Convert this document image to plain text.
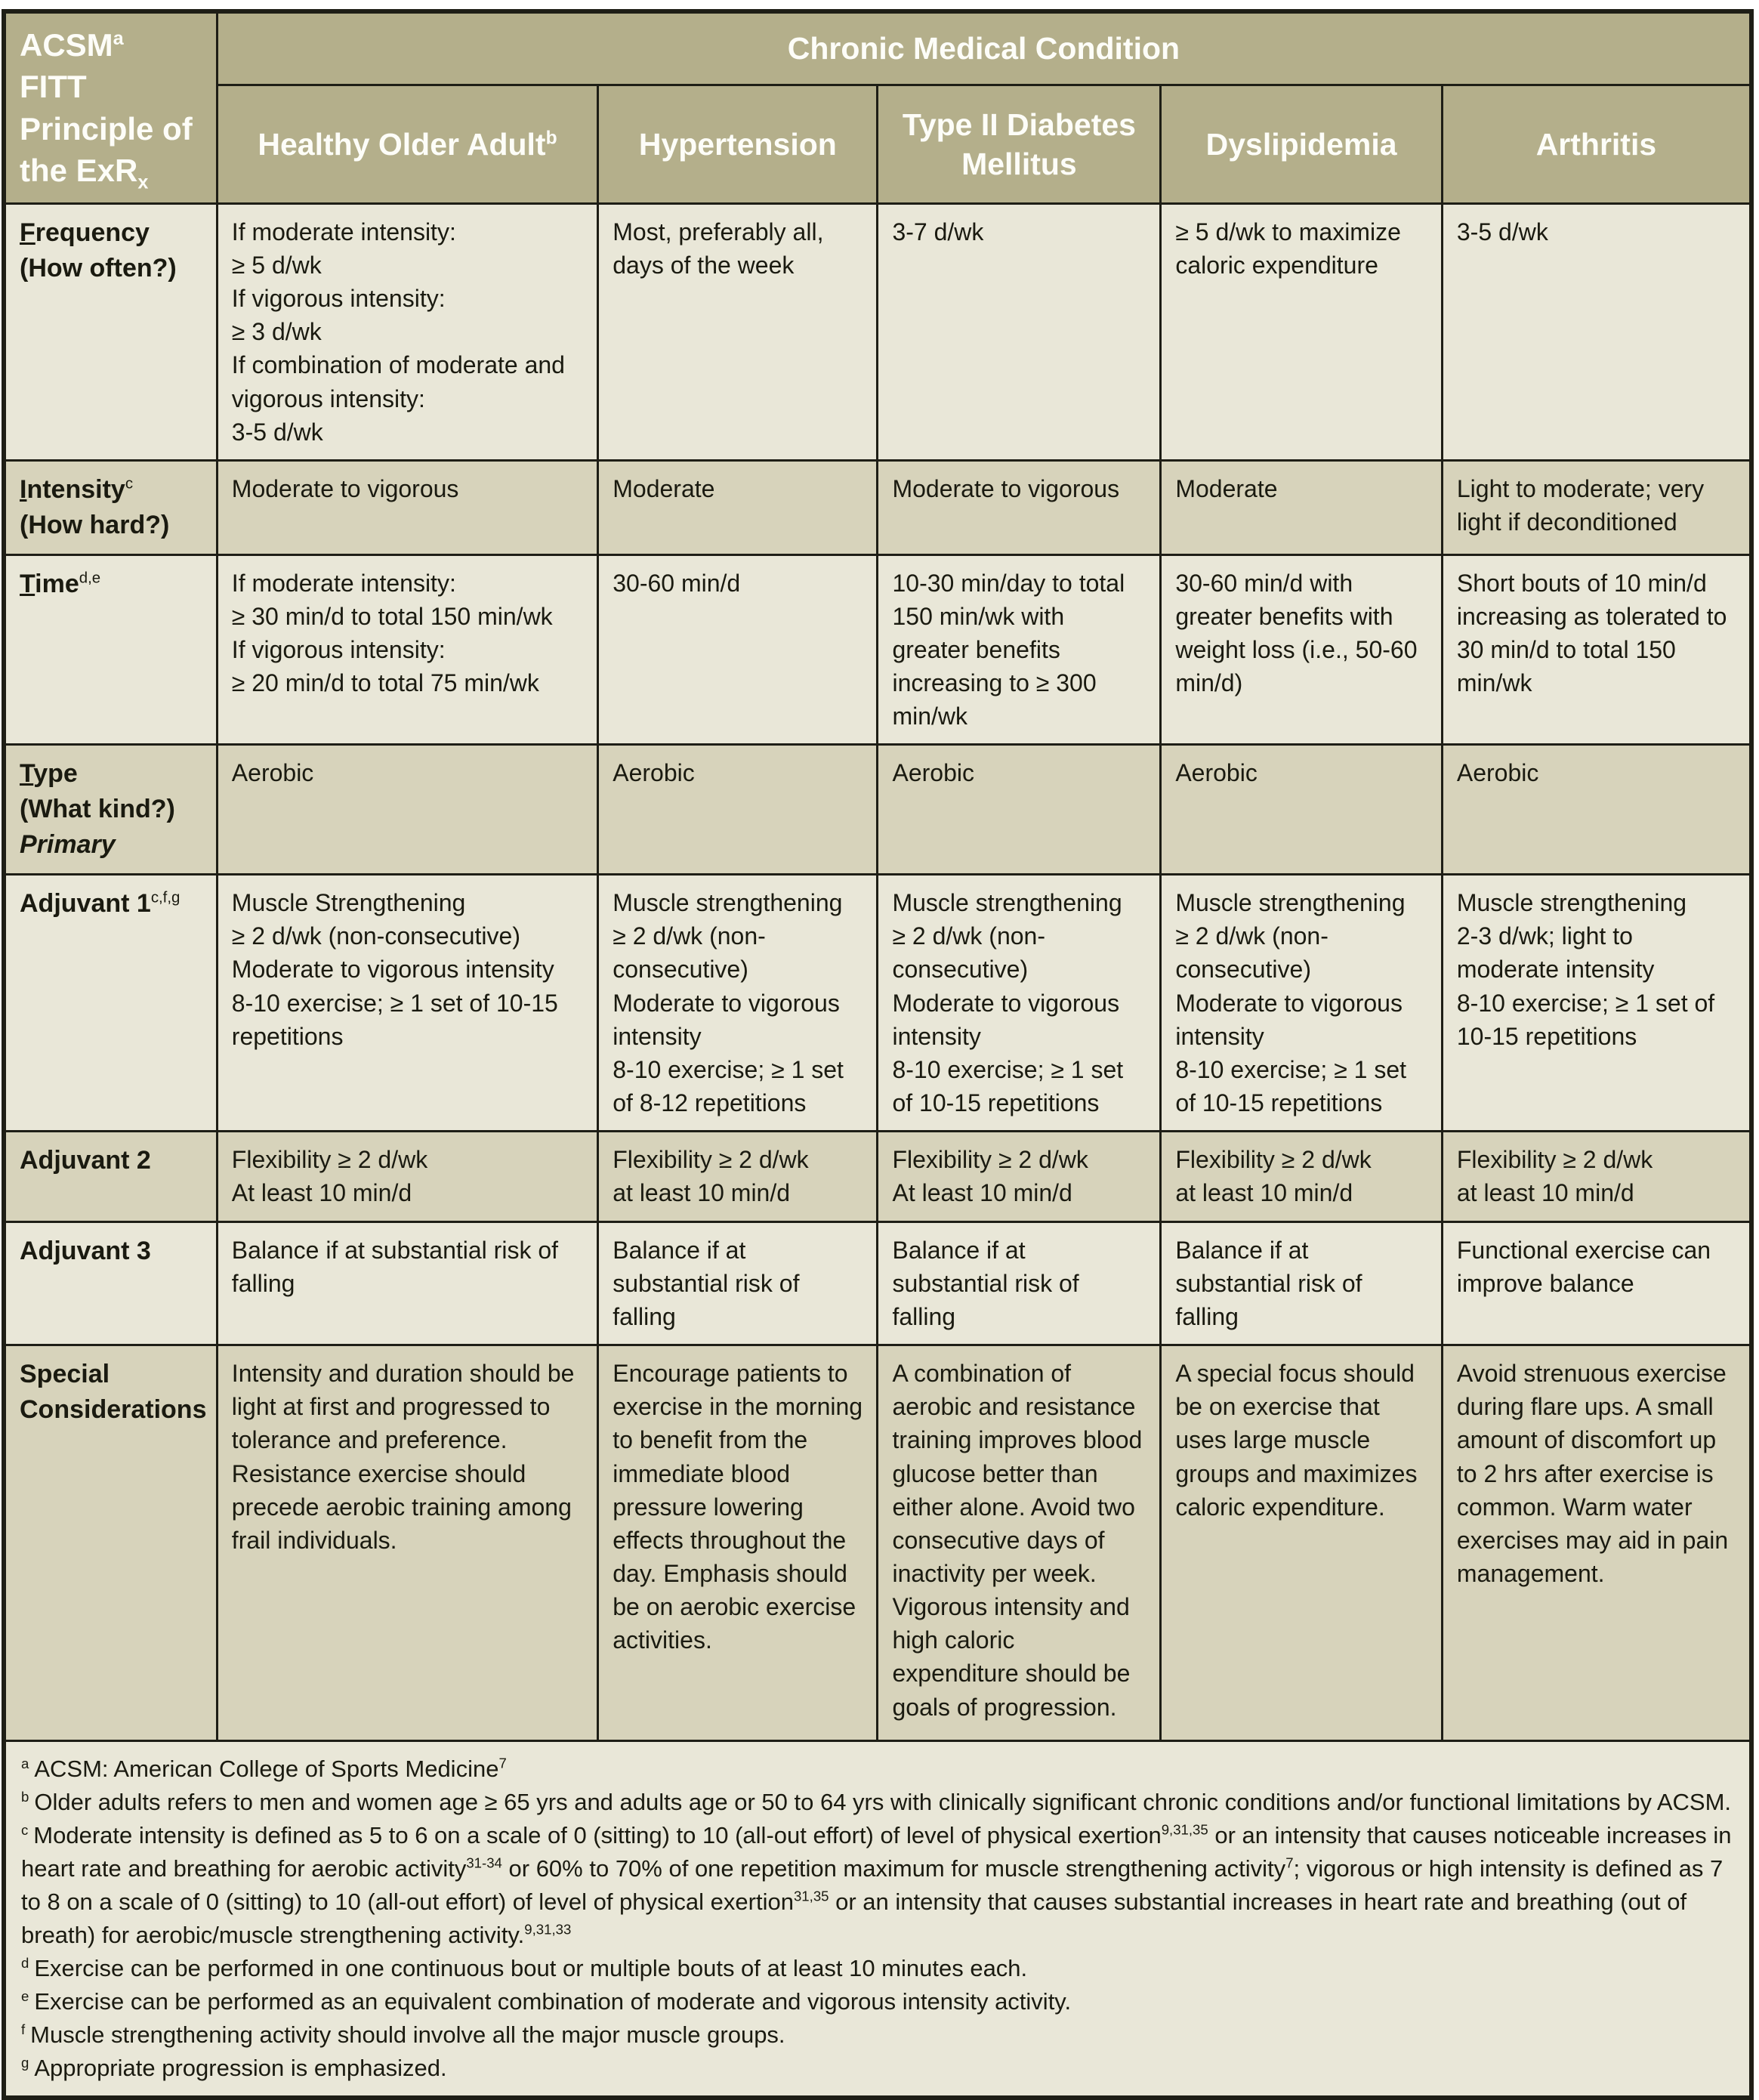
ACSM$^a$  FITT
Principle of
the ExR$_x$	Chronic Medical Condition				
	Healthy Older Adult$^b$	Hypertension	Type II Diabetes Mellitus	Dyslipidemia	Arthritis
Frequency
(How often?)	If moderate intensity:
≥ 5 d/wk
If vigorous intensity:
≥ 3 d/wk
If combination of moderate and vigorous intensity:
3-5 d/wk	Most, preferably all, days of the week	3-7 d/wk	≥ 5 d/wk to maximize caloric expenditure	3-5 d/wk
Intensity$^c$
(How hard?)	Moderate to vigorous	Moderate	Moderate to vigorous	Moderate	Light to moderate; very light if deconditioned
Time$^{d,e}$	If moderate intensity:
≥ 30 min/d to total 150 min/wk
If vigorous intensity:
≥ 20 min/d to total 75 min/wk	30-60 min/d	10-30 min/day to total 150 min/wk with greater benefits increasing to ≥ 300 min/wk	30-60 min/d with greater benefits with weight loss (i.e., 50-60 min/d)	Short bouts of 10 min/d increasing as tolerated to 30 min/d to total 150 min/wk
Type
(What kind?)
Primary	Aerobic	Aerobic	Aerobic	Aerobic	Aerobic
Adjuvant 1$^{c,f,g}$	Muscle Strengthening
≥ 2 d/wk (non-consecutive)
Moderate to vigorous intensity
8-10 exercise; ≥ 1 set of 10-15 repetitions	Muscle strengthening
≥ 2 d/wk (non-consecutive)
Moderate to vigorous intensity
8-10 exercise; ≥ 1 set of 8-12 repetitions	Muscle strengthening
≥ 2 d/wk (non-consecutive)
Moderate to vigorous intensity
8-10 exercise; ≥ 1 set of 10-15 repetitions	Muscle strengthening
≥ 2 d/wk (non-consecutive)
Moderate to vigorous intensity
8-10 exercise; ≥ 1 set of 10-15 repetitions	Muscle strengthening
2-3 d/wk; light to moderate intensity
8-10 exercise; ≥ 1 set of 10-15 repetitions
Adjuvant 2	Flexibility ≥ 2 d/wk
At least 10 min/d	Flexibility ≥ 2 d/wk
at least 10 min/d	Flexibility ≥ 2 d/wk
At least 10 min/d	Flexibility ≥ 2 d/wk
at least 10 min/d	Flexibility ≥ 2 d/wk
at least 10 min/d
Adjuvant 3	Balance if at substantial risk of falling	Balance if at substantial risk of falling	Balance if at substantial risk of falling	Balance if at substantial risk of falling	Functional exercise can improve balance
Special
Considerations	Intensity and duration should be light at first and progressed to tolerance and preference. Resistance exercise should precede aerobic training among frail individuals.	Encourage patients to exercise in the morning to benefit from the immediate blood pressure lowering effects throughout the day. Emphasis should be on aerobic exercise activities.	A combination of aerobic and resistance training improves blood glucose better than either alone. Avoid two consecutive days of inactivity per week. Vigorous intensity and high caloric expenditure should be goals of progression.	A special focus should be on exercise that uses large muscle groups and maximizes caloric expenditure.	Avoid strenuous exercise during flare ups. A small amount of discomfort up to 2 hrs after exercise is common. Warm water exercises may aid in pain management.

$^a$ ACSM: American College of Sports Medicine$^7$
$^b$ Older adults refers to men and women age ≥ 65 yrs and adults age or 50 to 64 yrs with clinically significant chronic conditions and/or functional limitations by ACSM.
$^c$ Moderate intensity is defined as 5 to 6 on a scale of 0 (sitting) to 10 (all-out effort) of level of physical exertion$^{9,31,35}$ or an intensity that causes noticeable increases in heart rate and breathing for aerobic activity$^{31-34}$ or 60% to 70% of one repetition maximum for muscle strengthening activity$^7$; vigorous or high intensity is defined as 7 to 8 on a scale of 0 (sitting) to 10 (all-out effort) of level of physical exertion$^{31,35}$ or an intensity that causes substantial increases in heart rate and breathing (out of breath) for aerobic/muscle strengthening activity.$^{9,31,33}$
$^d$ Exercise can be performed in one continuous bout or multiple bouts of at least 10 minutes each.
$^e$ Exercise can be performed as an equivalent combination of moderate and vigorous intensity activity.
$^f$ Muscle strengthening activity should involve all the major muscle groups.
$^g$ Appropriate progression is emphasized.
